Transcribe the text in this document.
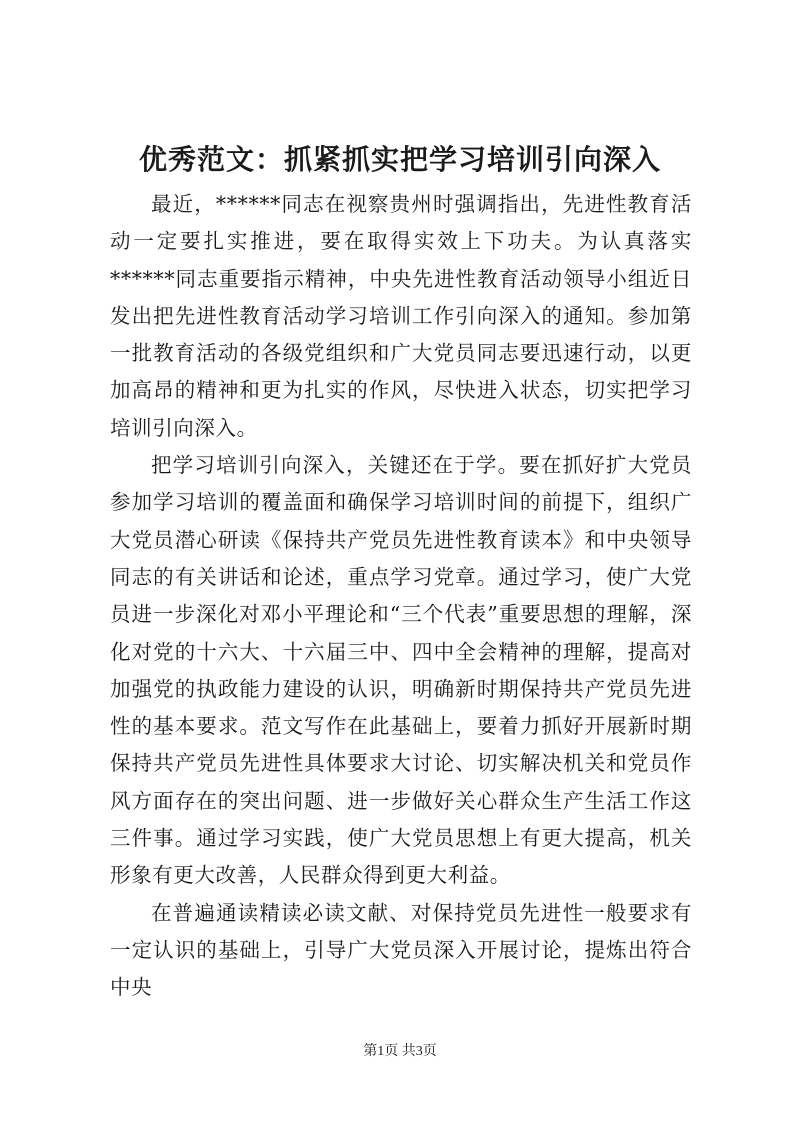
优秀范文：抓紧抓实把学习培训引向深入

最近，******同志在视察贵州时强调指出，先进性教育活动一定要扎实推进，要在取得实效上下功夫。为认真落实******同志重要指示精神，中央先进性教育活动领导小组近日发出把先进性教育活动学习培训工作引向深入的通知。参加第一批教育活动的各级党组织和广大党员同志要迅速行动，以更加高昂的精神和更为扎实的作风，尽快进入状态，切实把学习培训引向深入。

把学习培训引向深入，关键还在于学。要在抓好扩大党员参加学习培训的覆盖面和确保学习培训时间的前提下，组织广大党员潜心研读《保持共产党员先进性教育读本》和中央领导同志的有关讲话和论述，重点学习党章。通过学习，使广大党员进一步深化对邓小平理论和“三个代表”重要思想的理解，深化对党的十六大、十六届三中、四中全会精神的理解，提高对加强党的执政能力建设的认识，明确新时期保持共产党员先进性的基本要求。范文写作在此基础上，要着力抓好开展新时期保持共产党员先进性具体要求大讨论、切实解决机关和党员作风方面存在的突出问题、进一步做好关心群众生产生活工作这三件事。通过学习实践，使广大党员思想上有更大提高，机关形象有更大改善，人民群众得到更大利益。

在普遍通读精读必读文献、对保持党员先进性一般要求有一定认识的基础上，引导广大党员深入开展讨论，提炼出符合中央

第1页 共3页
